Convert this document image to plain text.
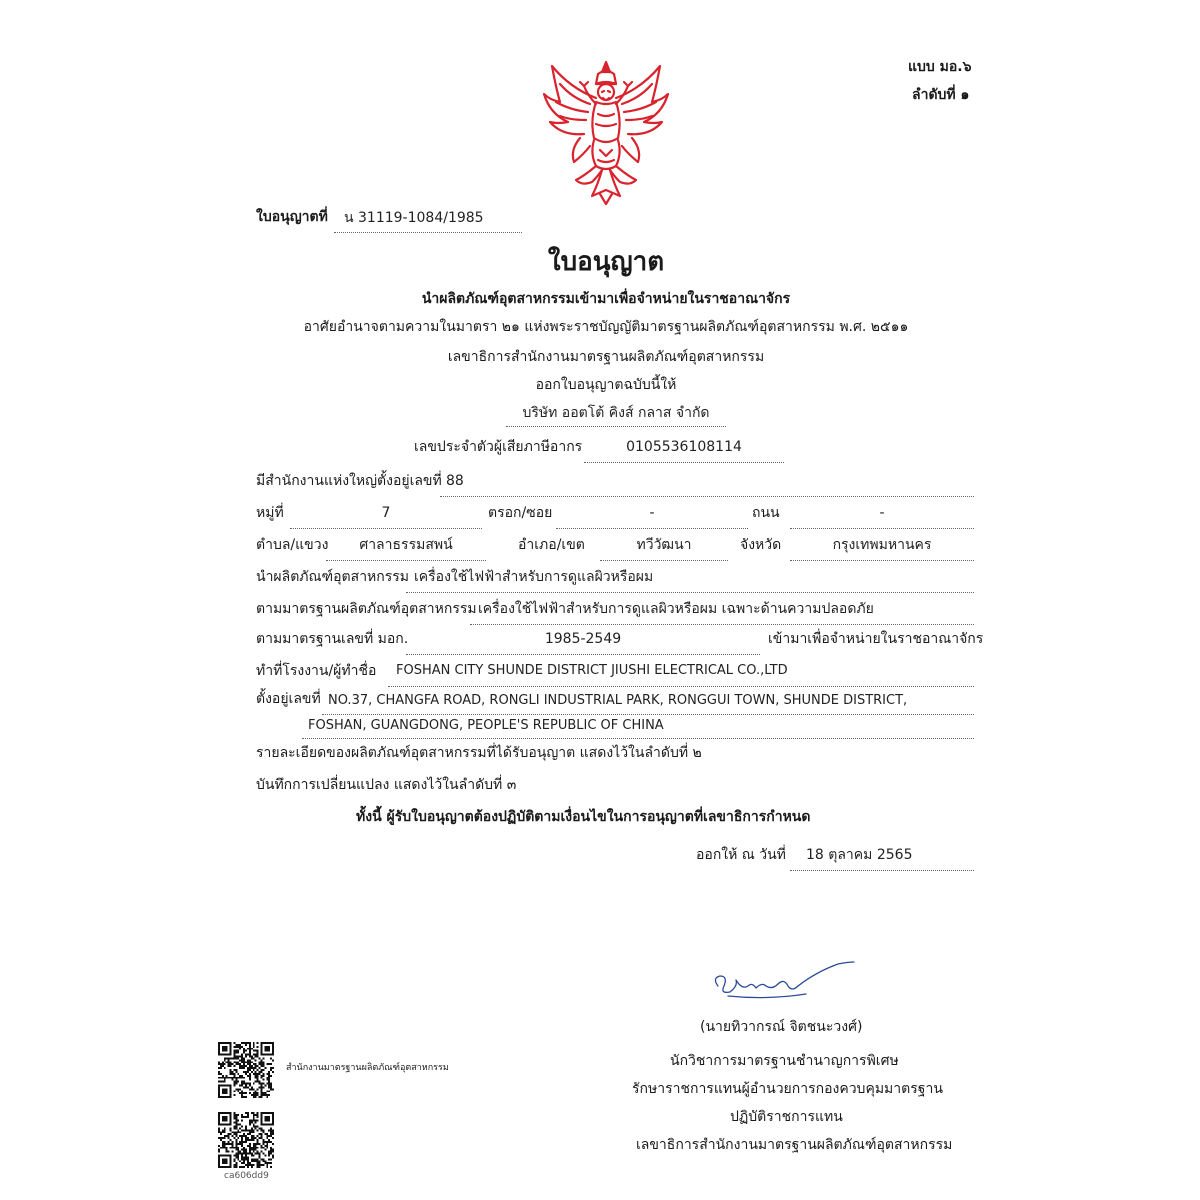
แบบ มอ.๖
ลำดับที่ ๑
ใบอนุญาตที่ น 31119-1084/1985
ใบอนุญาต
นำผลิตภัณฑ์อุตสาหกรรมเข้ามาเพื่อจำหน่ายในราชอาณาจักร
อาศัยอำนาจตามความในมาตรา ๒๑ แห่งพระราชบัญญัติมาตรฐานผลิตภัณฑ์อุตสาหกรรม พ.ศ. ๒๕๑๑
เลขาธิการสำนักงานมาตรฐานผลิตภัณฑ์อุตสาหกรรม
ออกใบอนุญาตฉบับนี้ให้
บริษัท ออตโต้ คิงส์ กลาส จำกัด
เลขประจำตัวผู้เสียภาษีอากร	0105536108114
มีสำนักงานแห่งใหญ่ตั้งอยู่เลขที่ 88
หมู่ที่	7	ตรอก/ซอย	-	ถนน	-
ตำบล/แขวง	ศาลาธรรมสพน์	อำเภอ/เขต	ทวีวัฒนา	จังหวัด	กรุงเทพมหานคร
นำผลิตภัณฑ์อุตสาหกรรม เครื่องใช้ไฟฟ้าสำหรับการดูแลผิวหรือผม
ตามมาตรฐานผลิตภัณฑ์อุตสาหกรรม เครื่องใช้ไฟฟ้าสำหรับการดูแลผิวหรือผม เฉพาะด้านความปลอดภัย
ตามมาตรฐานเลขที่ มอก.	1985-2549	เข้ามาเพื่อจำหน่ายในราชอาณาจักร
ทำที่โรงงาน/ผู้ทำชื่อ FOSHAN CITY SHUNDE DISTRICT JIUSHI ELECTRICAL CO.,LTD
ตั้งอยู่เลขที่ NO.37, CHANGFA ROAD, RONGLI INDUSTRIAL PARK, RONGGUI TOWN, SHUNDE DISTRICT,
FOSHAN, GUANGDONG, PEOPLE'S REPUBLIC OF CHINA
รายละเอียดของผลิตภัณฑ์อุตสาหกรรมที่ได้รับอนุญาต แสดงไว้ในลำดับที่ ๒
บันทึกการเปลี่ยนแปลง แสดงไว้ในลำดับที่ ๓
ทั้งนี้ ผู้รับใบอนุญาตต้องปฏิบัติตามเงื่อนไขในการอนุญาตที่เลขาธิการกำหนด
ออกให้ ณ วันที่ 18 ตุลาคม 2565
(นายทิวากรณ์ จิตชนะวงศ์)
นักวิชาการมาตรฐานชำนาญการพิเศษ
รักษาราชการแทนผู้อำนวยการกองควบคุมมาตรฐาน
ปฏิบัติราชการแทน
เลขาธิการสำนักงานมาตรฐานผลิตภัณฑ์อุตสาหกรรม
สำนักงานมาตรฐานผลิตภัณฑ์อุตสาหกรรม
ca606dd9
